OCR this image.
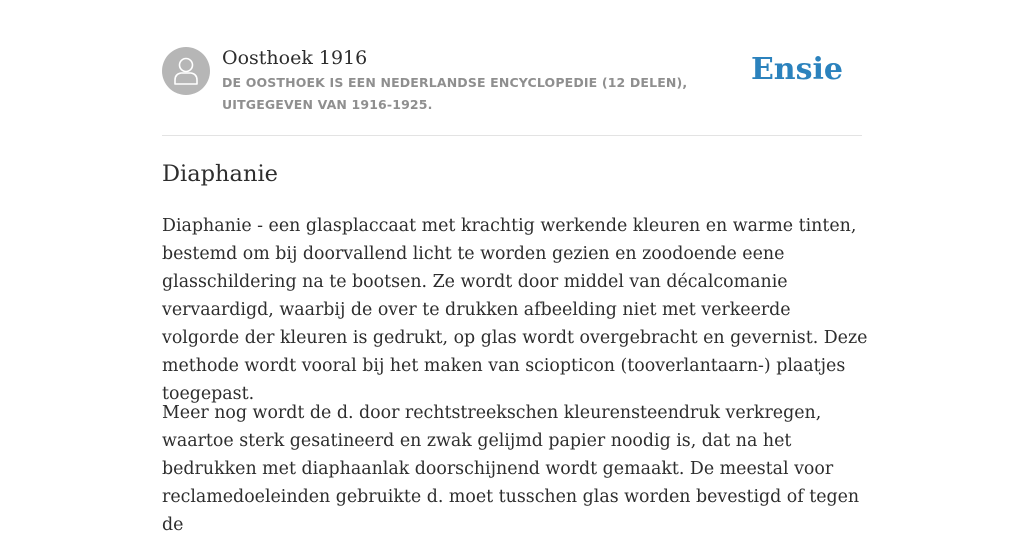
Oosthoek 1916
DE OOSTHOEK IS EEN NEDERLANDSE ENCYCLOPEDIE (12 DELEN), UITGEGEVEN VAN 1916-1925.
Ensie
Diaphanie

Diaphanie - een glasplaccaat met krachtig werkende kleuren en warme tinten, bestemd om bij doorvallend licht te worden gezien en zoodoende eene glasschildering na te bootsen. Ze wordt door middel van décalcomanie vervaardigd, waarbij de over te drukken afbeelding niet met verkeerde volgorde der kleuren is gedrukt, op glas wordt overgebracht en gevernist. Deze methode wordt vooral bij het maken van sciopticon (tooverlantaarn-) plaatjes toegepast.

Meer nog wordt de d. door rechtstreekschen kleurensteendruk verkregen, waartoe sterk gesatineerd en zwak gelijmd papier noodig is, dat na het bedrukken met diaphaanlak doorschijnend wordt gemaakt. De meestal voor reclamedoeleinden gebruikte d. moet tusschen glas worden bevestigd of tegen de
